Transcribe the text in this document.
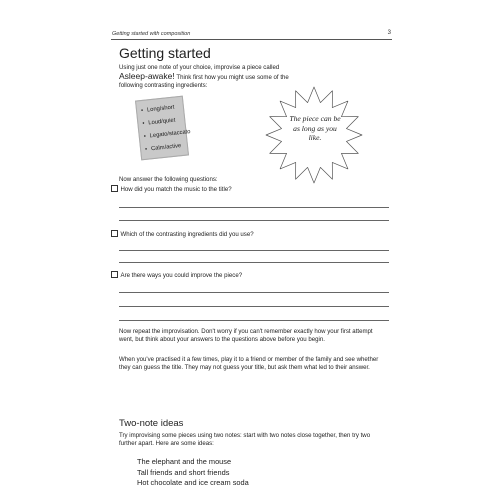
Getting started with composition	3
Getting started

Using just one note of your choice, improvise a piece called Asleep-awake! Think first how you might use some of the following contrasting ingredients:

• Long/short
• Loud/quiet
• Legato/staccato
• Calm/active

The piece can be as long as you like.

Now answer the following questions:

How did you match the music to the title?

Which of the contrasting ingredients did you use?

Are there ways you could improve the piece?

Now repeat the improvisation. Don't worry if you can't remember exactly how your first attempt went, but think about your answers to the questions above before you begin.

When you've practised it a few times, play it to a friend or member of the family and see whether they can guess the title. They may not guess your title, but ask them what led to their answer.

Two-note ideas

Try improvising some pieces using two notes: start with two notes close together, then try two further apart. Here are some ideas:

The elephant and the mouse
Tall friends and short friends
Hot chocolate and ice cream soda
